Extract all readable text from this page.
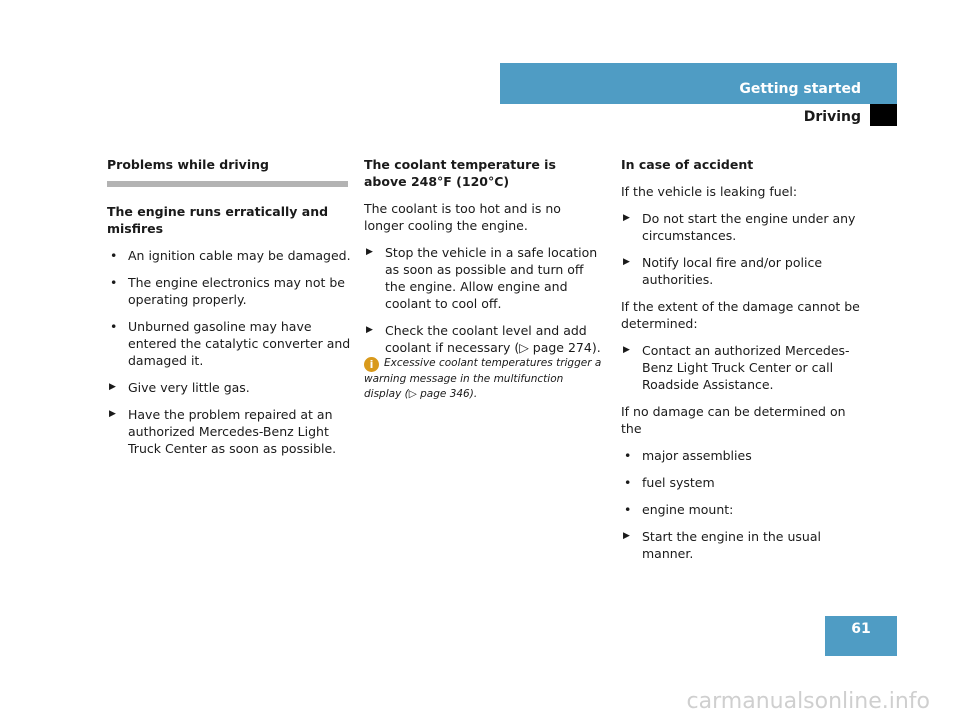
Getting started
Driving

Problems while driving

The engine runs erratically and misfires

• An ignition cable may be damaged.
• The engine electronics may not be operating properly.
• Unburned gasoline may have entered the catalytic converter and damaged it.
▶ Give very little gas.
▶ Have the problem repaired at an authorized Mercedes-Benz Light Truck Center as soon as possible.

The coolant temperature is above 248°F (120°C)

The coolant is too hot and is no longer cooling the engine.

▶ Stop the vehicle in a safe location as soon as possible and turn off the engine. Allow engine and coolant to cool off.
▶ Check the coolant level and add coolant if necessary (▷ page 274).

i Excessive coolant temperatures trigger a warning message in the multifunction display (▷ page 346).

In case of accident

If the vehicle is leaking fuel:

▶ Do not start the engine under any circumstances.
▶ Notify local fire and/or police authorities.

If the extent of the damage cannot be determined:

▶ Contact an authorized Mercedes-Benz Light Truck Center or call Roadside Assistance.

If no damage can be determined on the

• major assemblies
• fuel system
• engine mount:
▶ Start the engine in the usual manner.
61
carmanualsonline.info
